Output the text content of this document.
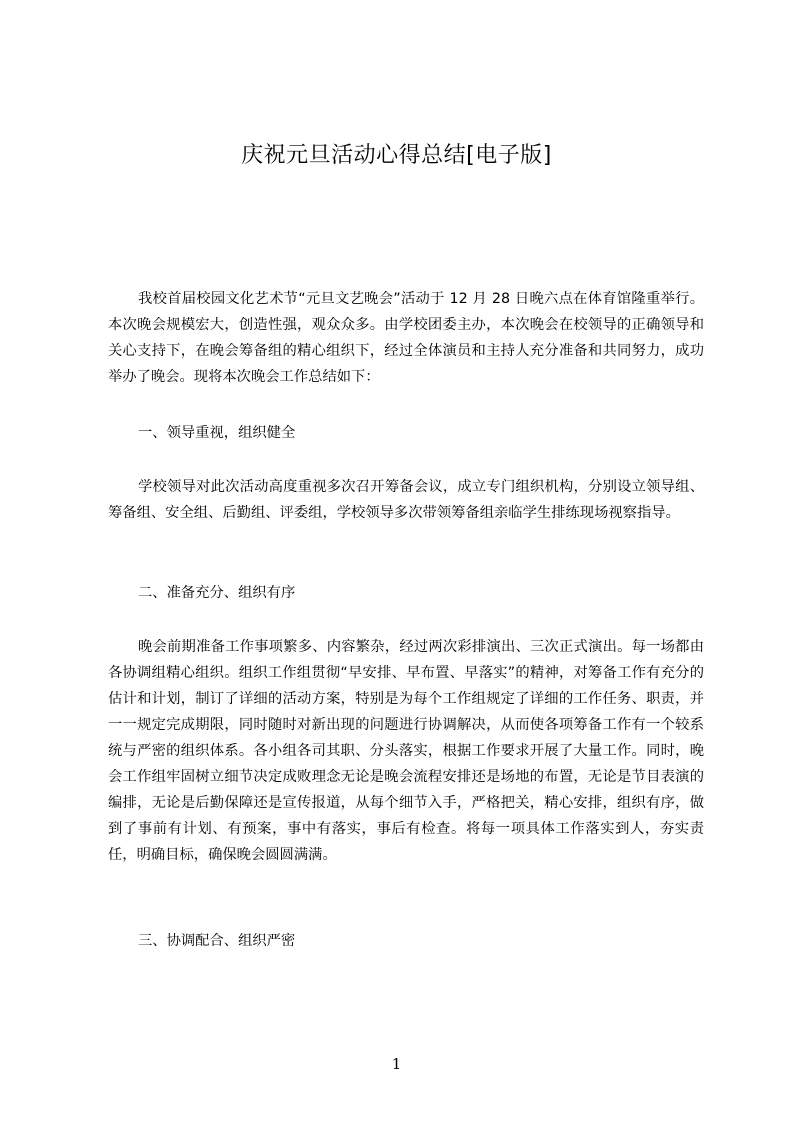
庆祝元旦活动心得总结[电子版]

我校首届校园文化艺术节“元旦文艺晚会”活动于 12 月 28 日晚六点在体育馆隆重举行。本次晚会规模宏大，创造性强，观众众多。由学校团委主办，本次晚会在校领导的正确领导和关心支持下，在晚会筹备组的精心组织下，经过全体演员和主持人充分准备和共同努力，成功举办了晚会。现将本次晚会工作总结如下：

一、领导重视，组织健全

学校领导对此次活动高度重视多次召开筹备会议，成立专门组织机构，分别设立领导组、筹备组、安全组、后勤组、评委组，学校领导多次带领筹备组亲临学生排练现场视察指导。

二、准备充分、组织有序

晚会前期准备工作事项繁多、内容繁杂，经过两次彩排演出、三次正式演出。每一场都由各协调组精心组织。组织工作组贯彻“早安排、早布置、早落实”的精神，对筹备工作有充分的估计和计划，制订了详细的活动方案，特别是为每个工作组规定了详细的工作任务、职责，并一一规定完成期限，同时随时对新出现的问题进行协调解决，从而使各项筹备工作有一个较系统与严密的组织体系。各小组各司其职、分头落实，根据工作要求开展了大量工作。同时，晚会工作组牢固树立细节决定成败理念无论是晚会流程安排还是场地的布置，无论是节目表演的编排，无论是后勤保障还是宣传报道，从每个细节入手，严格把关，精心安排，组织有序，做到了事前有计划、有预案，事中有落实，事后有检查。将每一项具体工作落实到人，夯实责任，明确目标，确保晚会圆圆满满。

三、协调配合、组织严密

1
